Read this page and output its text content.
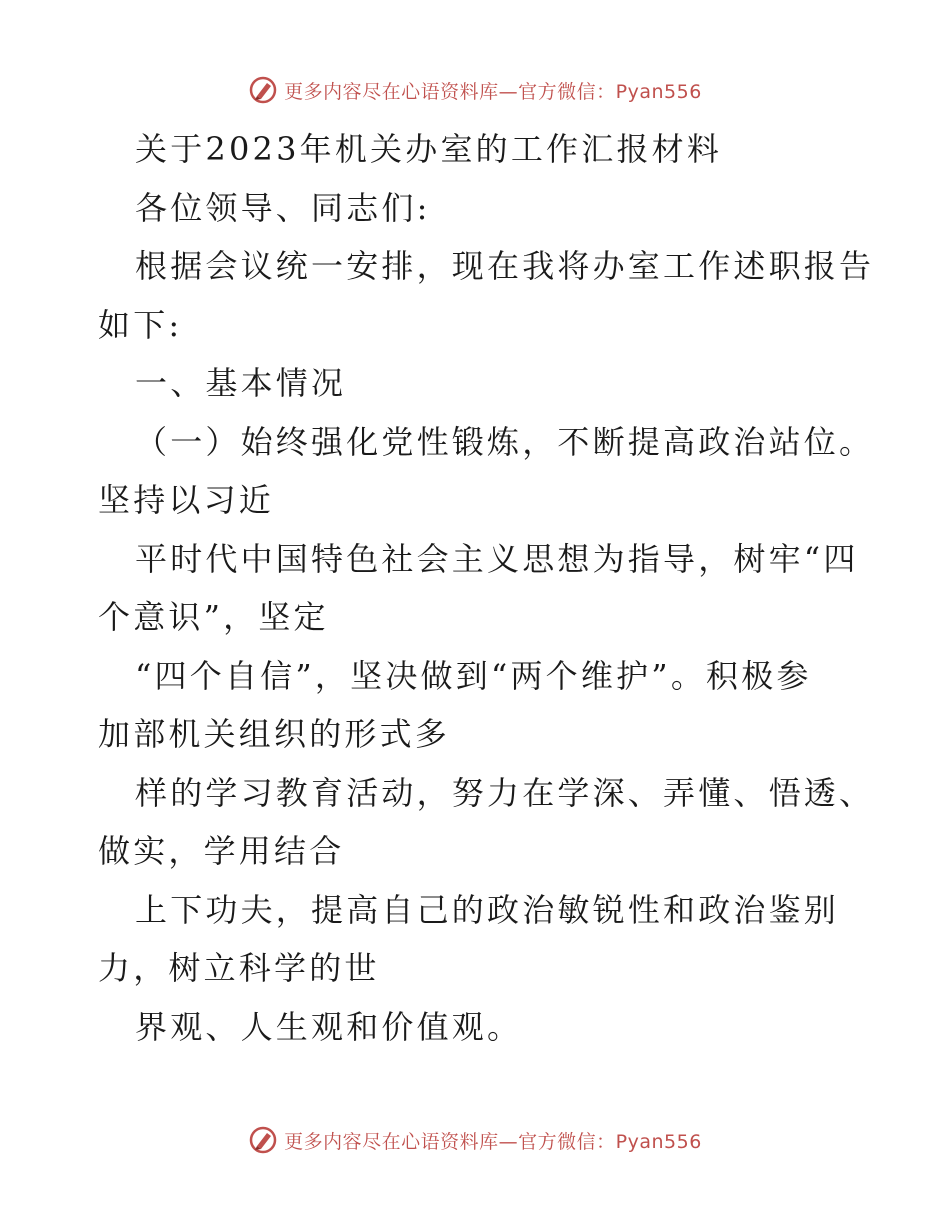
更多内容尽在心语资料库—官方微信：Pyan556
关于2023年机关办室的工作汇报材料
各位领导、同志们:
根据会议统一安排，现在我将办室工作述职报告
如下:
一、基本情况
（一）始终强化党性锻炼，不断提高政治站位。
坚持以习近
平时代中国特色社会主义思想为指导，树牢“四
个意识”，坚定
“四个自信”，坚决做到“两个维护”。积极参
加部机关组织的形式多
样的学习教育活动，努力在学深、弄懂、悟透、
做实，学用结合
上下功夫，提高自己的政治敏锐性和政治鉴别
力，树立科学的世
界观、人生观和价值观。
更多内容尽在心语资料库—官方微信：Pyan556
